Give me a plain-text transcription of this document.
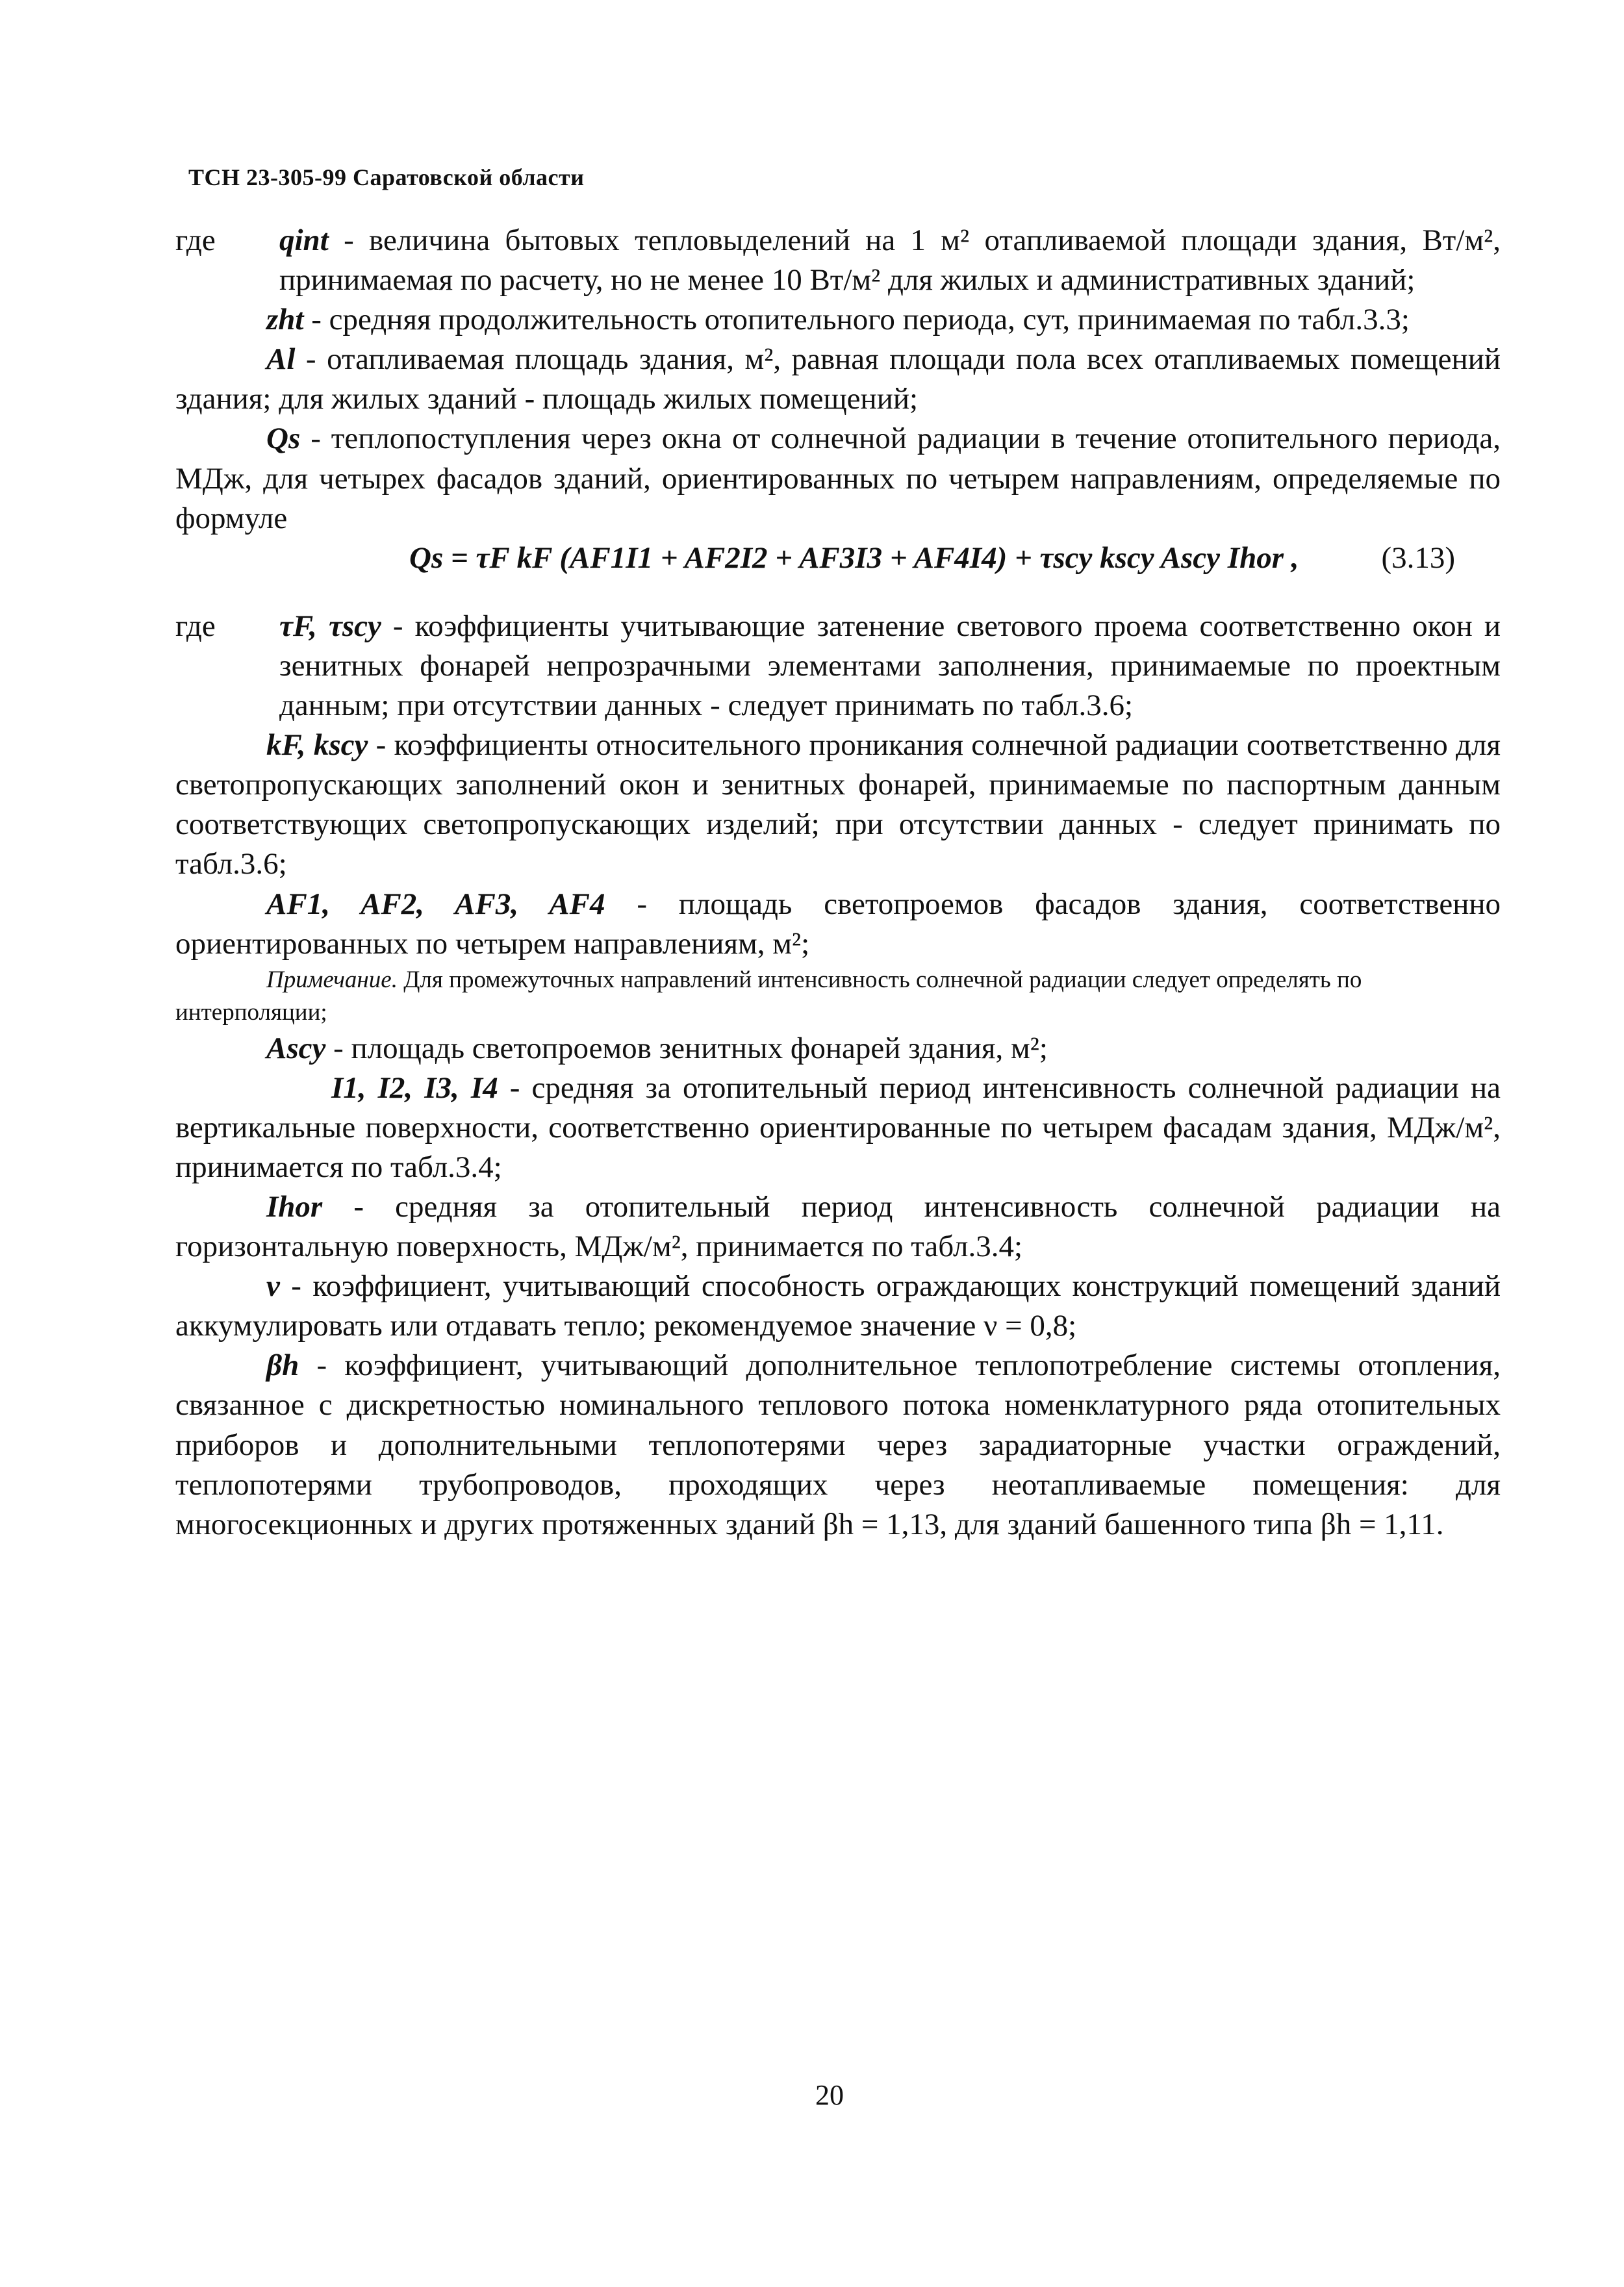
ТСН 23-305-99 Саратовской области
где	qint - величина бытовых тепловыделений на 1 м² отапливаемой площади здания, Вт/м², принимаемая по расчету, но не менее 10 Вт/м² для жилых и административных зданий;

zht - средняя продолжительность отопительного периода, сут, принимаемая по табл.3.3;

Al - отапливаемая площадь здания, м², равная площади пола всех отапливаемых помещений здания; для жилых зданий - площадь жилых помещений;

Qs - теплопоступления через окна от солнечной радиации в течение отопительного периода, МДж, для четырех фасадов зданий, ориентированных по четырем направлениям, определяемые по формуле

Qs = τF kF (AF1I1 + AF2I2 + AF3I3 + AF4I4) + τscy kscy Ascy Ihor ,	(3.13)
где	τF, τscy - коэффициенты учитывающие затенение светового проема соответственно окон и зенитных фонарей непрозрачными элементами заполнения, принимаемые по проектным данным; при отсутствии данных - следует принимать по табл.3.6;

kF, kscy - коэффициенты относительного проникания солнечной радиации соответственно для светопропускающих заполнений окон и зенитных фонарей, принимаемые по паспортным данным соответствующих светопропускающих изделий; при отсутствии данных - следует принимать по табл.3.6;

AF1, AF2, AF3, AF4 - площадь светопроемов фасадов здания, соответственно ориентированных по четырем направлениям, м²;

Примечание. Для промежуточных направлений интенсивность солнечной радиации следует определять по интерполяции;

Ascy - площадь светопроемов зенитных фонарей здания, м²;

I1, I2, I3, I4 - средняя за отопительный период интенсивность солнечной радиации на вертикальные поверхности, соответственно ориентированные по четырем фасадам здания, МДж/м², принимается по табл.3.4;

Ihor - средняя за отопительный период интенсивность солнечной радиации на горизонтальную поверхность, МДж/м², принимается по табл.3.4;

ν - коэффициент, учитывающий способность ограждающих конструкций помещений зданий аккумулировать или отдавать тепло; рекомендуемое значение ν = 0,8;

βh - коэффициент, учитывающий дополнительное теплопотребление системы отопления, связанное с дискретностью номинального теплового потока номенклатурного ряда отопительных приборов и дополнительными теплопотерями через зарадиаторные участки ограждений, теплопотерями трубопроводов, проходящих через неотапливаемые помещения: для многосекционных и других протяженных зданий βh = 1,13, для зданий башенного типа βh = 1,11.

20
